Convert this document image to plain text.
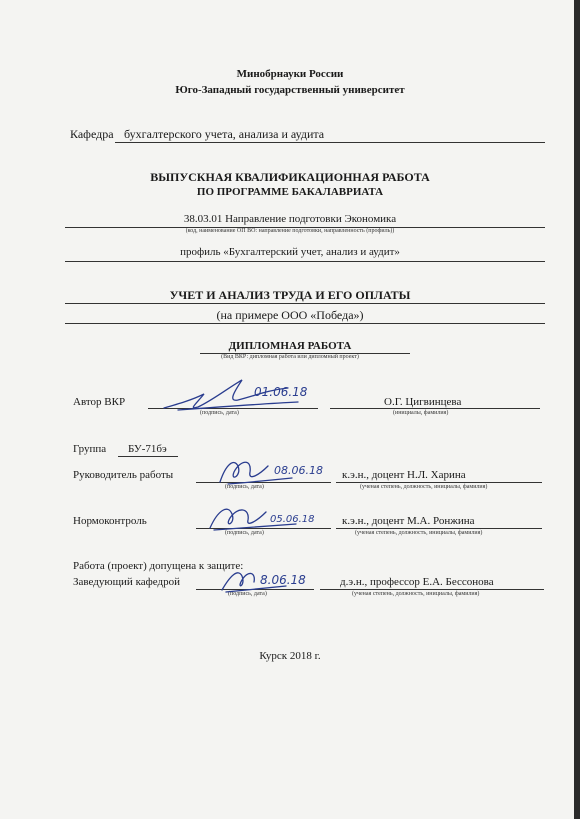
Минобрнауки России
Юго-Западный государственный университет
Кафедра бухгалтерского учета, анализа и аудита
ВЫПУСКНАЯ КВАЛИФИКАЦИОННАЯ РАБОТА
ПО ПРОГРАММЕ БАКАЛАВРИАТА
38.03.01 Направление подготовки Экономика
(код, наименование ОП ВО: направление подготовки, направленность (профиль))
профиль «Бухгалтерский учет, анализ и аудит»
УЧЕТ И АНАЛИЗ ТРУДА И ЕГО ОПЛАТЫ
(на примере ООО «Победа»)
ДИПЛОМНАЯ РАБОТА
(Вид ВКР: дипломная работа или дипломный проект)
Автор ВКР
(подпись, дата)
О.Г. Цигвинцева
(инициалы, фамилия)
01.06.18
Группа БУ-71бэ
Руководитель работы
(подпись, дата)
к.э.н., доцент Н.Л. Харина
(ученая степень, должность, инициалы, фамилия)
08.06.18
Нормоконтроль
(подпись, дата)
к.э.н., доцент М.А. Ронжина
(ученая степень, должность, инициалы, фамилия)
05.06.18
Работа (проект) допущена к защите:
Заведующий кафедрой
(подпись, дата)
д.э.н., профессор Е.А. Бессонова
(ученая степень, должность, инициалы, фамилия)
8.06.18
Курск 2018 г.
